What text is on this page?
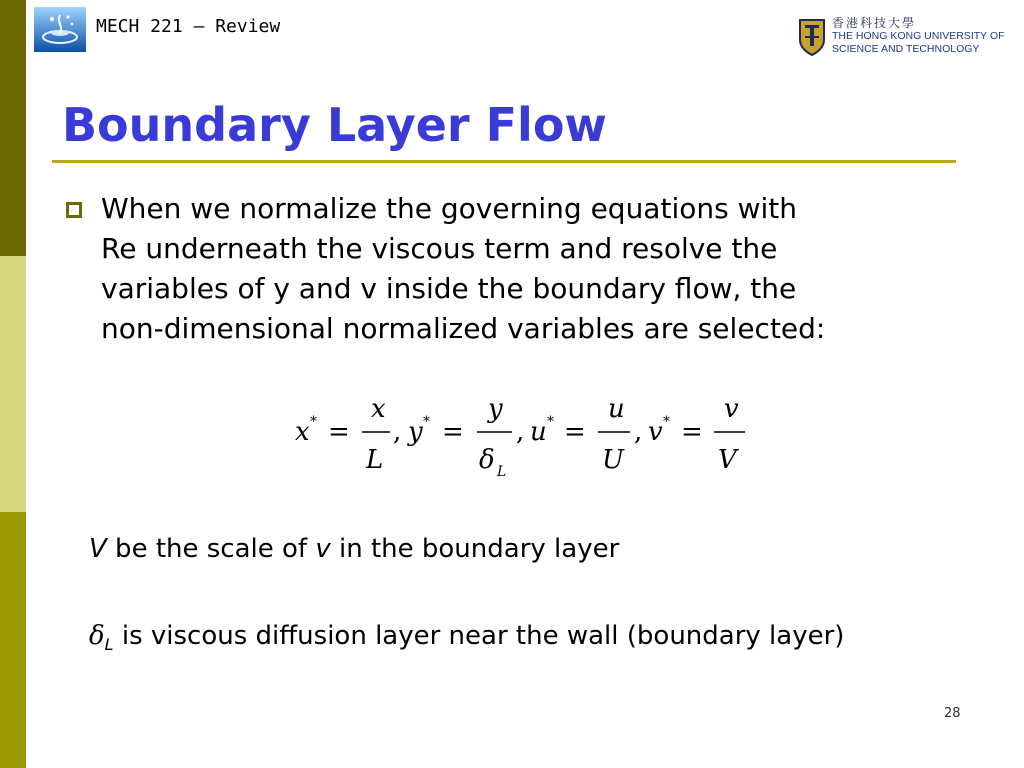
MECH 221 – Review	香港科技大學
THE HONG KONG UNIVERSITY OF
SCIENCE AND TECHNOLOGY
Boundary Layer Flow
When we normalize the governing equations with
Re underneath the viscous term and resolve the
variables of y and v inside the boundary flow, the
non-dimensional normalized variables are selected:
x * =
x
L
, y * =
y
δ L
, u * =
u
U
, v * =
v
V
V be the scale of v in the boundary layer
$\delta_L$ is viscous diffusion layer near the wall (boundary layer)
28
